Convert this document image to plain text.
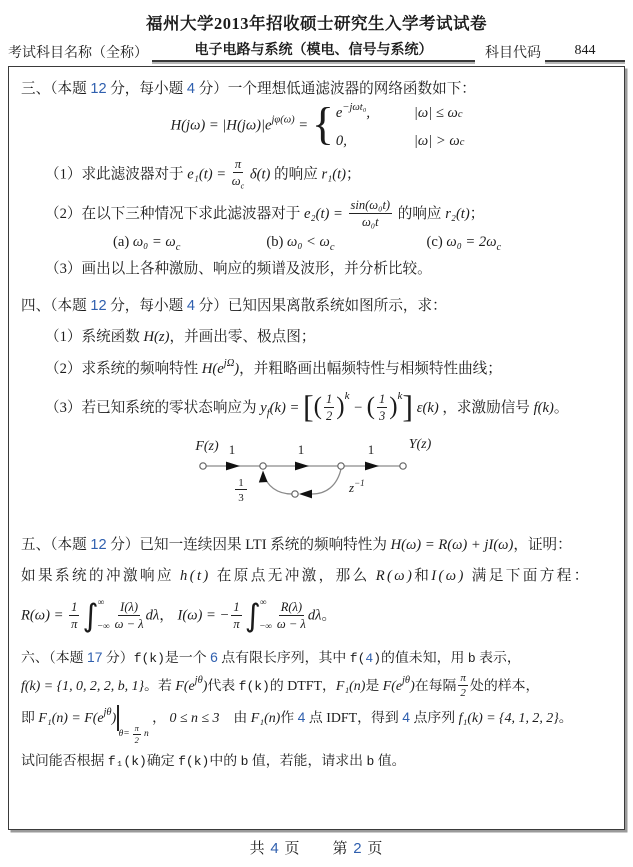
福州大学2013年招收硕士研究生入学考试试卷
考试科目名称（全称）	电子电路与系统（模电、信号与系统）	科目代码	844
三、（本题 12 分，每小题 4 分）一个理想低通滤波器的网络函数如下：
$H(j\omega) = |H(j\omega)|e^{j\varphi(\omega)}$ = { $e^{-j\omega t_0}$,	|ω| ≤ ω c
0,	|ω| > ω c
（1）求此滤波器对于 $e_1(t) = \frac{\pi}{\omega_c} \delta(t)$ 的响应 r₁(t)；
（2）在以下三种情况下求此滤波器对于 $e_2(t) = \frac{\text{sin(ω₀t)}}{\text{ω₀t}}$ 的响应 r₂(t)；
(a) $\omega_0 = \omega_c$	(b) $\omega_0 < \omega_c$	(c) $\omega_0 = 2\omega_c$
（3）画出以上各种激励、响应的频谱及波形，并分析比较。
四、（本题 12 分，每小题 4 分）已知因果离散系统如图所示，求：
（1）系统函数 H(z)，并画出零、极点图；
（2）求系统的频响特性 $H(e^{j\Omega})$，并粗略画出幅频特性与相频特性曲线；
（3）若已知系统的零状态响应为 $y_f(k)$ = [( $\frac{1}{2} )^k$ − ( $\frac{1}{3} )^k$] ε(k) ，求激励信号 f(k)。
F(z)	Y(z)
1	1	1
1
3
$z^{-1}$
五、（本题 12 分）已知一连续因果 LTI 系统的频响特性为 H(ω) = R(ω) + jI(ω)，证明：
如果系统的冲激响应 h(t) 在原点无冲激，那么 R(ω)和I(ω) 满足下面方程：
$R(\omega) = \frac{1}{\pi}$ ∫ ∞
−∞ $\frac{I(\lambda)}{\omega - \lambda}$ dλ， I(ω) = − $\frac{1}{\pi}$ ∫ ∞
−∞ $\frac{R(\lambda)}{\omega - \lambda}$ dλ。
六、（本题 17 分）f(k)是一个 6 点有限长序列，其中 f(4)的值未知，用 b 表示，
f(k) = {1, 0, 2, 2, b, 1}。若 $F(e^{j\theta})$代表 f(k)的 DTFT，F₁(n)是 $F(e^{j\theta})$在每隔 $\frac{\pi}{2}$ 处的样本，
即 $F_1(n) = F(e^{j\theta})$
$\theta= \frac{\pi}{2}$ n
， 0 ≤ n ≤ 3　由 F₁(n)作 4 点 IDFT，得到 4 点序列 f₁(k) = {4, 1, 2, 2}。
试问能否根据 f₁(k)确定 f(k)中的 b 值，若能，请求出 b 值。
共 4 页　　第 2 页
